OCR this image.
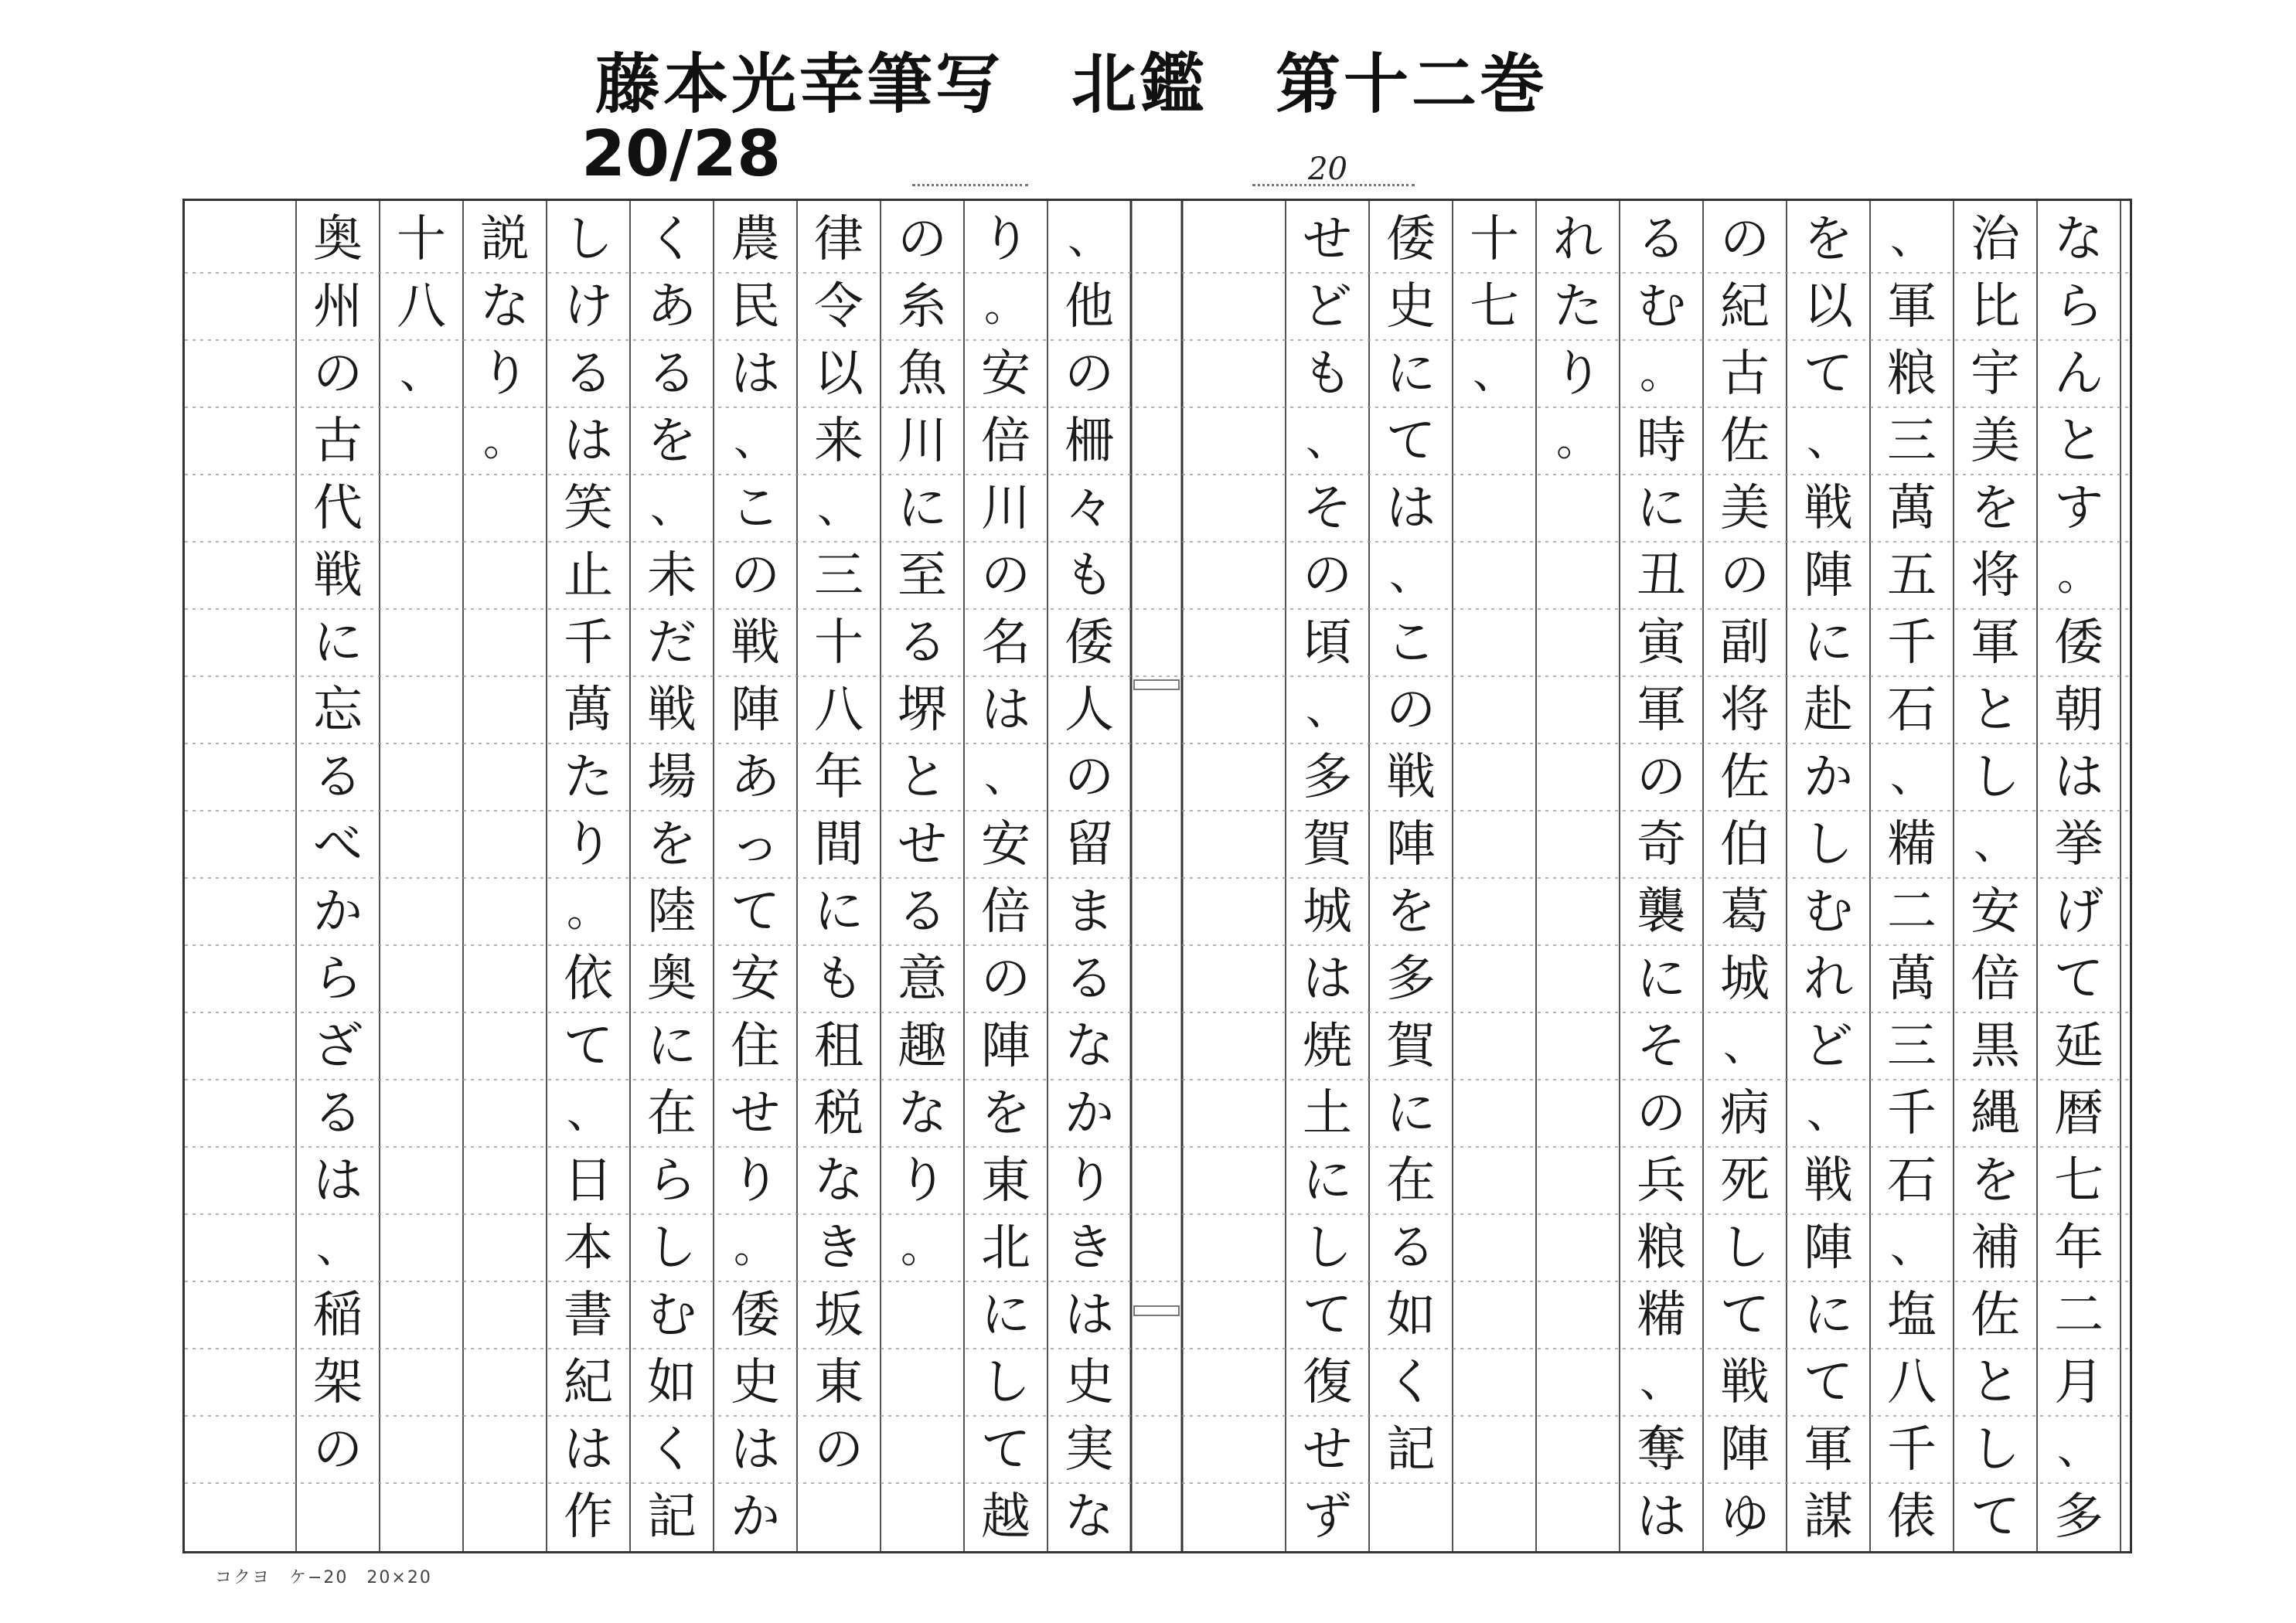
藤本光幸筆写　北鑑　第十二巻
20/28	20
な
ら
ん
と
す
。
倭
朝
は
挙
げ
て
延
暦
七
年
二
月
、
多
治
比
宇
美
を
将
軍
と
し
、
安
倍
黒
縄
を
補
佐
と
し
て
、
軍
粮
三
萬
五
千
石
、
糒
二
萬
三
千
石
、
塩
八
千
俵
を
以
て
、
戦
陣
に
赴
か
し
む
れ
ど
、
戦
陣
に
て
軍
謀
の
紀
古
佐
美
の
副
将
佐
伯
葛
城
、
病
死
し
て
戦
陣
ゆ
る
む
。
時
に
丑
寅
軍
の
奇
襲
に
そ
の
兵
粮
糒
、
奪
は
れ
た
り
。
十
七
、
倭
史
に
て
は
、
こ
の
戦
陣
を
多
賀
に
在
る
如
く
記
せ
ど
も
、
そ
の
頃
、
多
賀
城
は
焼
土
に
し
て
復
せ
ず
、
他
の
柵
々
も
倭
人
の
留
ま
る
な
か
り
き
は
史
実
な
り
。
安
倍
川
の
名
は
、
安
倍
の
陣
を
東
北
に
し
て
越
の
糸
魚
川
に
至
る
堺
と
せ
る
意
趣
な
り
。
律
令
以
来
、
三
十
八
年
間
に
も
租
税
な
き
坂
東
の
農
民
は
、
こ
の
戦
陣
あ
っ
て
安
住
せ
り
。
倭
史
は
か
く
あ
る
を
、
未
だ
戦
場
を
陸
奥
に
在
ら
し
む
如
く
記
し
け
る
は
笑
止
千
萬
た
り
。
依
て
、
日
本
書
紀
は
作
説
な
り
。
十
八
、
奥
州
の
古
代
戦
に
忘
る
べ
か
ら
ざ
る
は
、
稲
架
の
コクヨ　ケ−20　20×20
